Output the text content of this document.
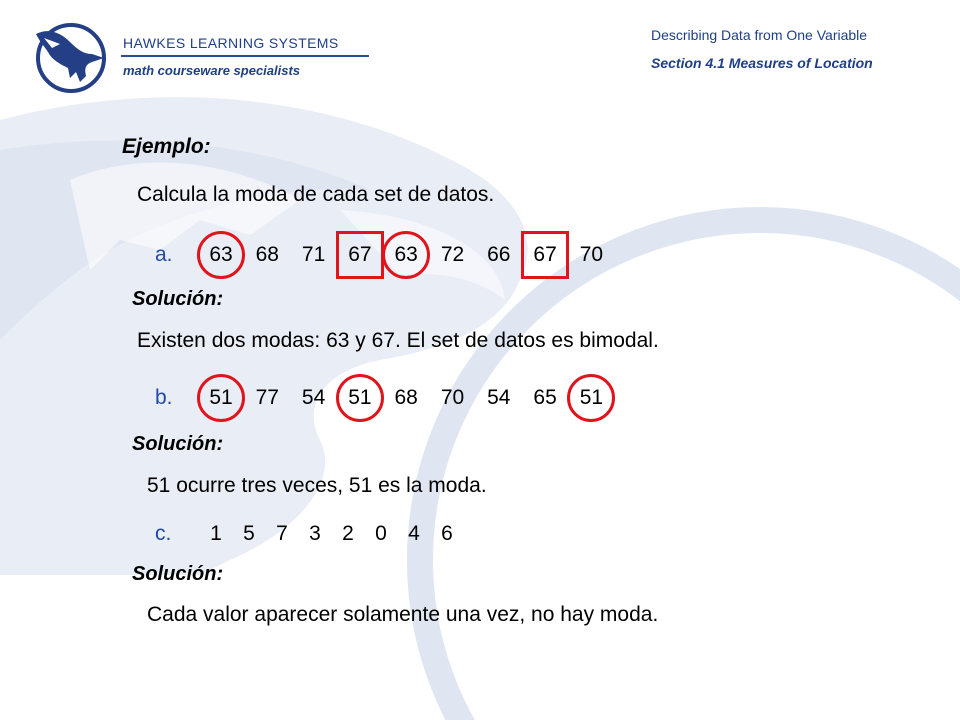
HAWKES LEARNING SYSTEMS
math courseware specialists
Describing Data from One Variable
Section 4.1 Measures of Location
Ejemplo:
Calcula la moda de cada set de datos.
a.
Solución:
Existen dos modas: 63 y 67. El set de datos es bimodal.
b.
Solución:
51 ocurre tres veces, 51 es la moda.
c.
Solución:
Cada valor aparecer solamente una vez, no hay moda.
63	68	71	67	63	72	66	67	70
51	77	54	51	68	70	54	65	51
1 5 7 3 2 0 4 6
